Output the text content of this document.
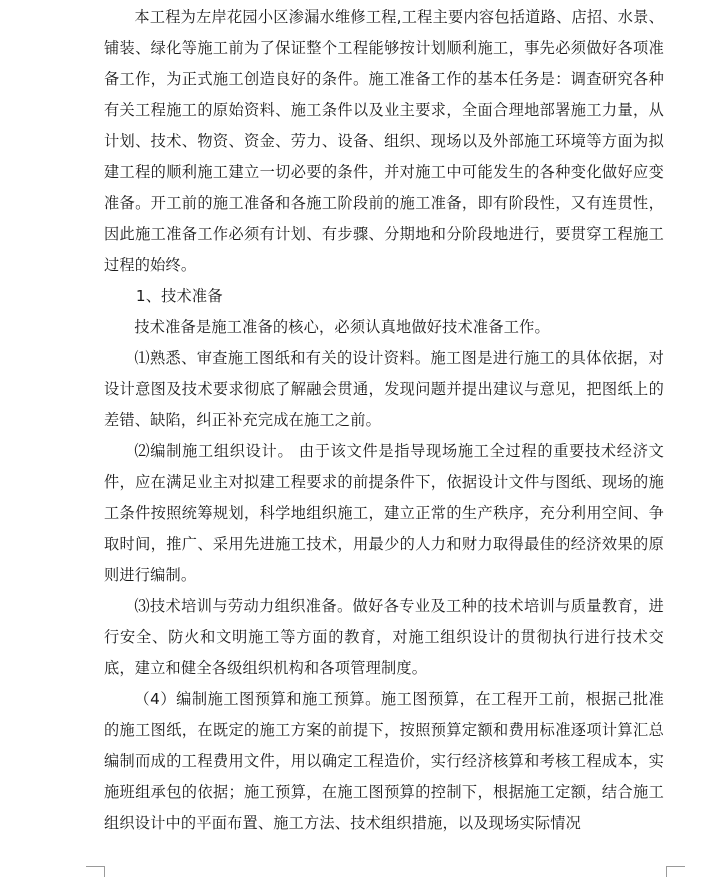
本工程为左岸花园小区渗漏水维修工程,工程主要内容包括道路、店招、水景、铺装、绿化等施工前为了保证整个工程能够按计划顺利施工，事先必须做好各项准备工作，为正式施工创造良好的条件。施工准备工作的基本任务是：调查研究各种有关工程施工的原始资料、施工条件以及业主要求，全面合理地部署施工力量，从计划、技术、物资、资金、劳力、设备、组织、现场以及外部施工环境等方面为拟建工程的顺利施工建立一切必要的条件，并对施工中可能发生的各种变化做好应变准备。开工前的施工准备和各施工阶段前的施工准备，即有阶段性，又有连贯性，因此施工准备工作必须有计划、有步骤、分期地和分阶段地进行，要贯穿工程施工过程的始终。

1、技术准备

技术准备是施工准备的核心，必须认真地做好技术准备工作。

⑴熟悉、审查施工图纸和有关的设计资料。施工图是进行施工的具体依据，对设计意图及技术要求彻底了解融会贯通，发现问题并提出建议与意见，把图纸上的差错、缺陷，纠正补充完成在施工之前。

⑵编制施工组织设计。 由于该文件是指导现场施工全过程的重要技术经济文件，应在满足业主对拟建工程要求的前提条件下，依据设计文件与图纸、现场的施工条件按照统筹规划，科学地组织施工，建立正常的生产秩序，充分利用空间、争取时间，推广、采用先进施工技术，用最少的人力和财力取得最佳的经济效果的原则进行编制。

⑶技术培训与劳动力组织准备。做好各专业及工种的技术培训与质量教育，进行安全、防火和文明施工等方面的教育，对施工组织设计的贯彻执行进行技术交底，建立和健全各级组织机构和各项管理制度。

（4）编制施工图预算和施工预算。施工图预算，在工程开工前，根据己批准的施工图纸，在既定的施工方案的前提下，按照预算定额和费用标准逐项计算汇总编制而成的工程费用文件，用以确定工程造价，实行经济核算和考核工程成本，实施班组承包的依据；施工预算，在施工图预算的控制下，根据施工定额，结合施工组织设计中的平面布置、施工方法、技术组织措施，以及现场实际情况
